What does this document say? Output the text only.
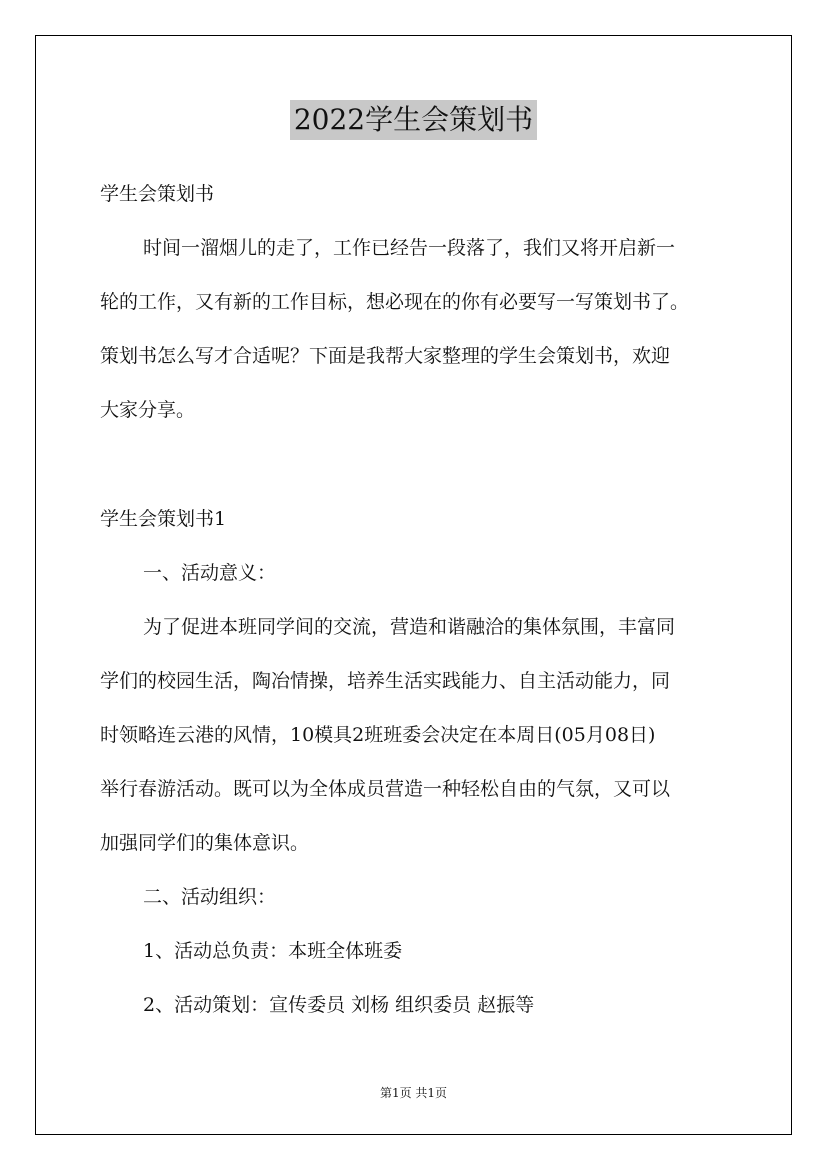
2022学生会策划书
学生会策划书
时间一溜烟儿的走了，工作已经告一段落了，我们又将开启新一
轮的工作，又有新的工作目标，想必现在的你有必要写一写策划书了。
策划书怎么写才合适呢？下面是我帮大家整理的学生会策划书，欢迎
大家分享。
学生会策划书1
一、活动意义：
为了促进本班同学间的交流，营造和谐融洽的集体氛围，丰富同
学们的校园生活，陶冶情操，培养生活实践能力、自主活动能力，同
时领略连云港的风情，10模具2班班委会决定在本周日(05月08日)
举行春游活动。既可以为全体成员营造一种轻松自由的气氛，又可以
加强同学们的集体意识。
二、活动组织：
1、活动总负责：本班全体班委
2、活动策划：宣传委员 刘杨 组织委员 赵振等
第1页 共1页
